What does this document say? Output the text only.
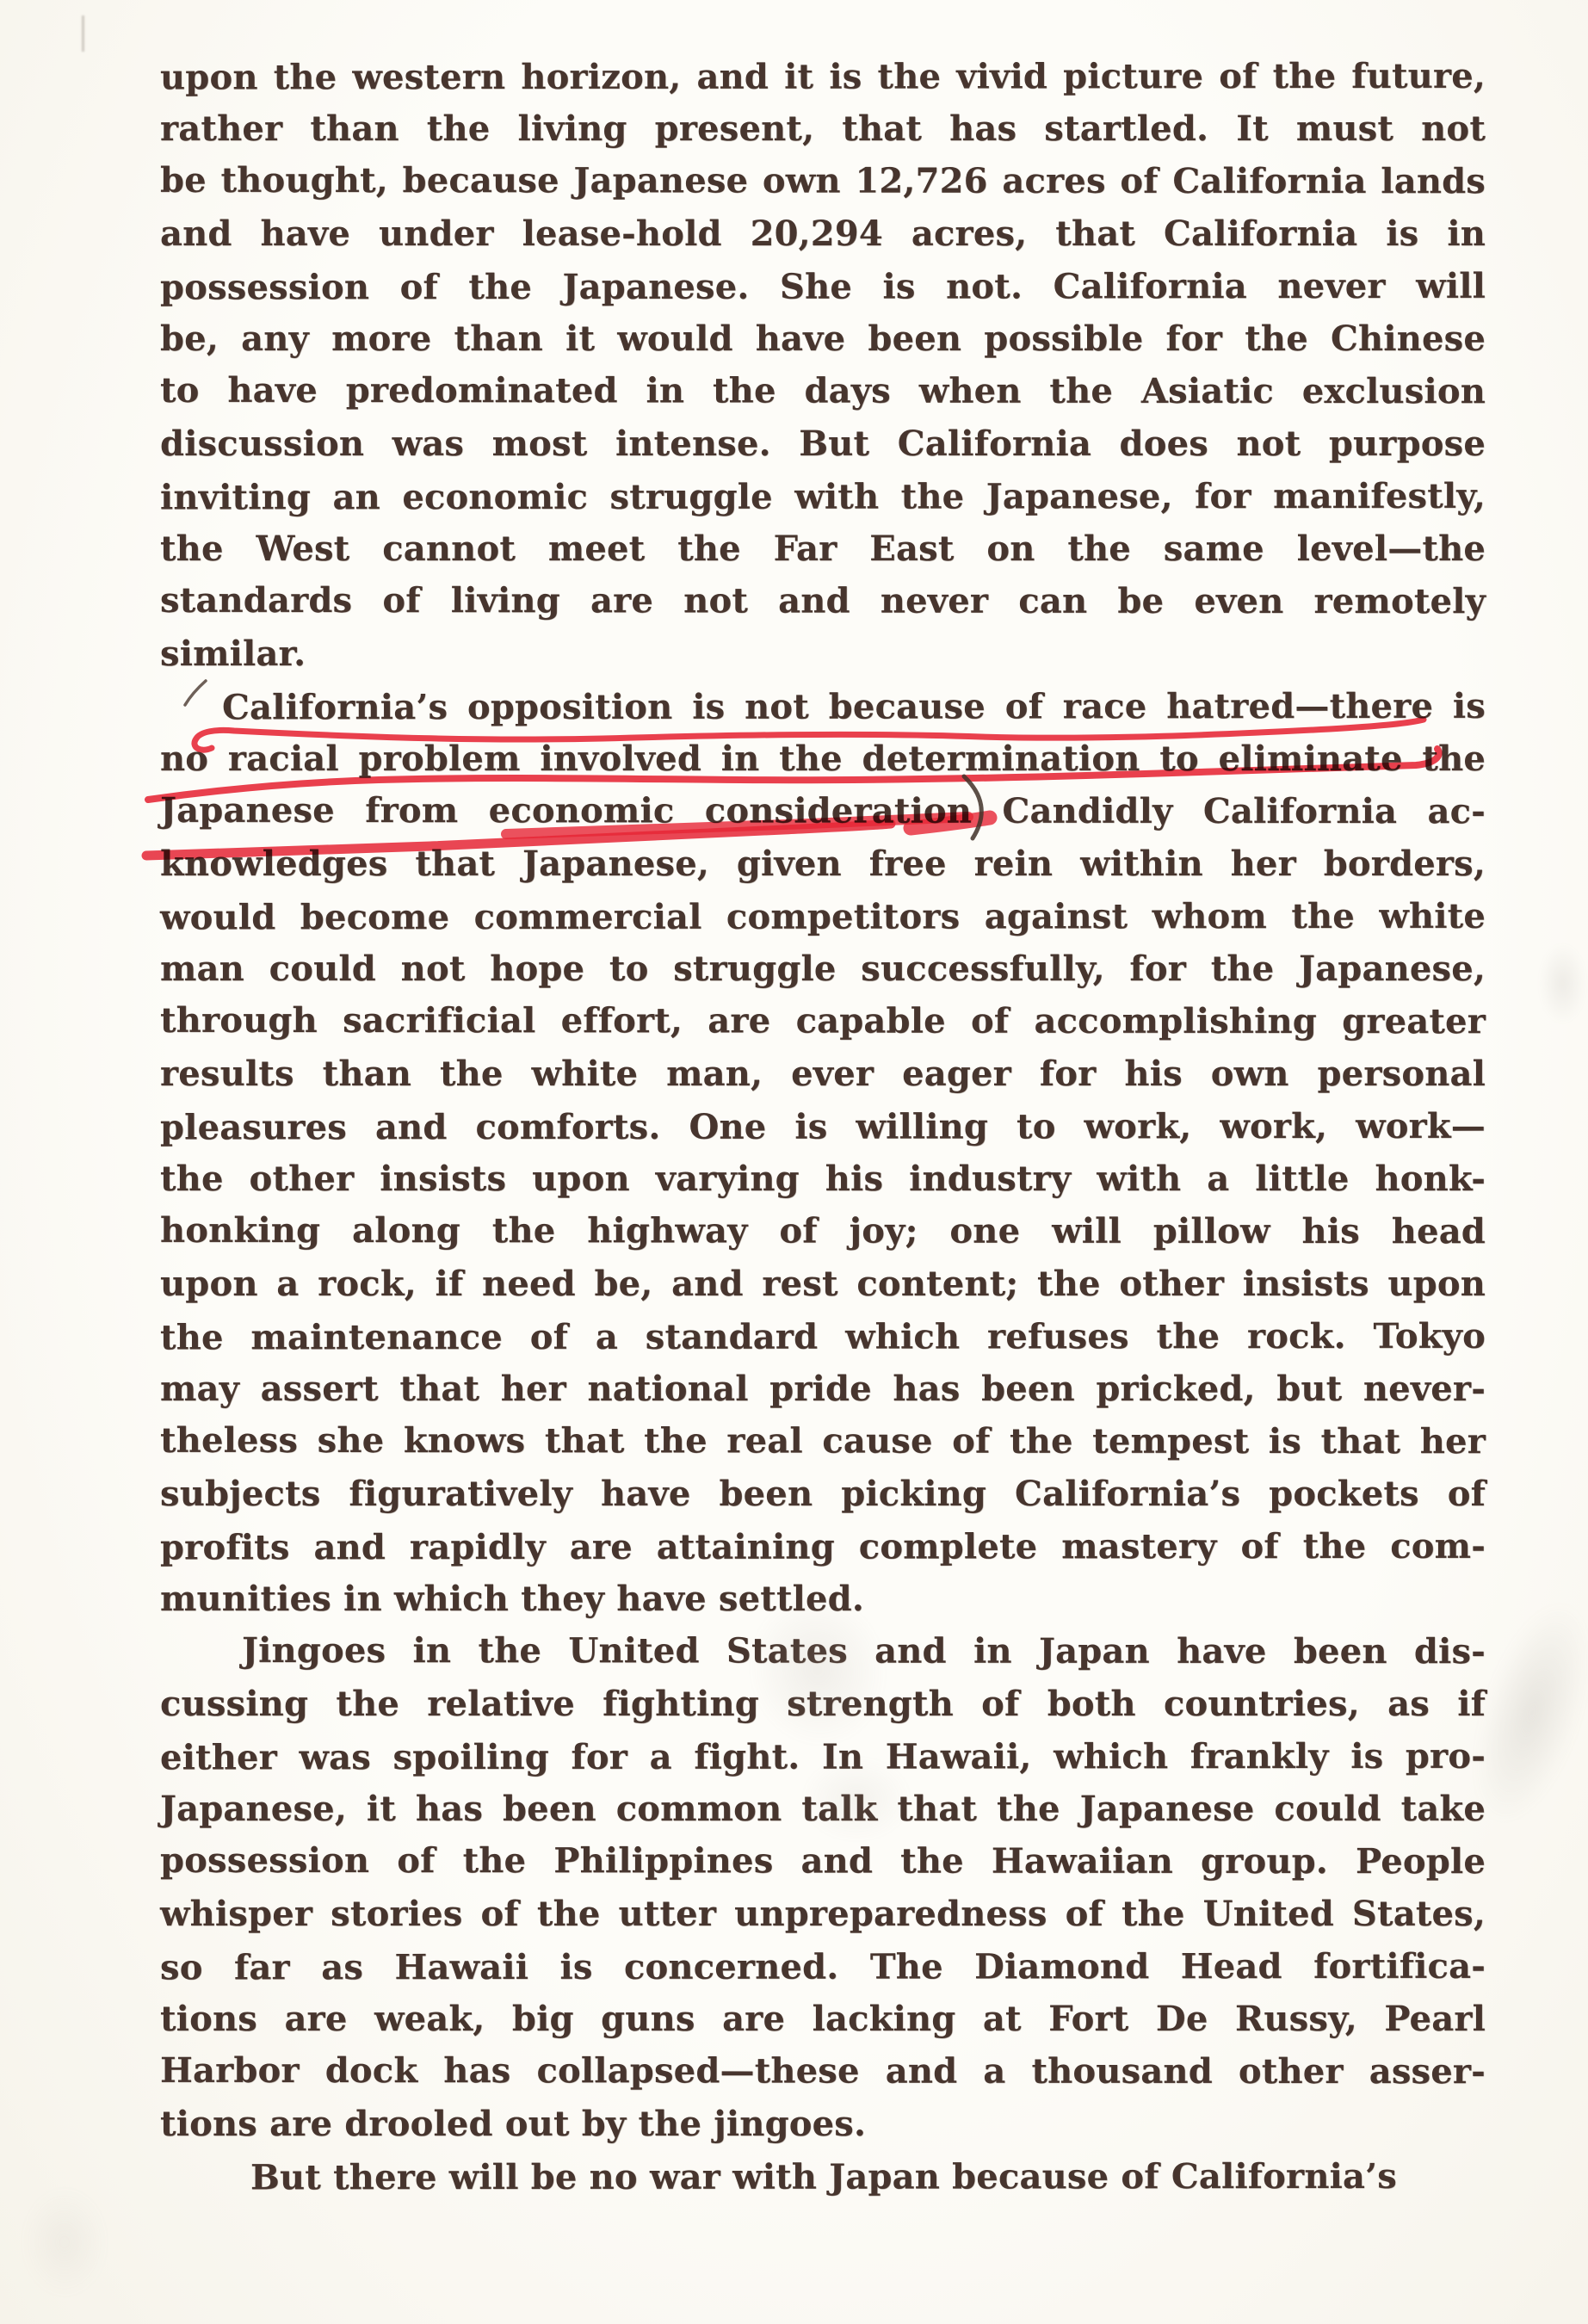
upon the western horizon, and it is the vivid picture of the future,
rather than the living present, that has startled. It must not
be thought, because Japanese own 12,726 acres of California lands
and have under lease-hold 20,294 acres, that California is in
possession of the Japanese. She is not. California never will
be, any more than it would have been possible for the Chinese
to have predominated in the days when the Asiatic exclusion
discussion was most intense. But California does not purpose
inviting an economic struggle with the Japanese, for manifestly,
the West cannot meet the Far East on the same level—the
standards of living are not and never can be even remotely
similar.
California’s opposition is not because of race hatred—there is
no racial problem involved in the determination to eliminate the
Japanese from economic consideration Candidly California ac-
knowledges that Japanese, given free rein within her borders,
would become commercial competitors against whom the white
man could not hope to struggle successfully, for the Japanese,
through sacrificial effort, are capable of accomplishing greater
results than the white man, ever eager for his own personal
pleasures and comforts. One is willing to work, work, work—
the other insists upon varying his industry with a little honk-
honking along the highway of joy; one will pillow his head
upon a rock, if need be, and rest content; the other insists upon
the maintenance of a standard which refuses the rock. Tokyo
may assert that her national pride has been pricked, but never-
theless she knows that the real cause of the tempest is that her
subjects figuratively have been picking California’s pockets of
profits and rapidly are attaining complete mastery of the com-
munities in which they have settled.
Jingoes in the United States and in Japan have been dis-
cussing the relative fighting strength of both countries, as if
either was spoiling for a fight. In Hawaii, which frankly is pro-
Japanese, it has been common talk that the Japanese could take
possession of the Philippines and the Hawaiian group. People
whisper stories of the utter unpreparedness of the United States,
so far as Hawaii is concerned. The Diamond Head fortifica-
tions are weak, big guns are lacking at Fort De Russy, Pearl
Harbor dock has collapsed—these and a thousand other asser-
tions are drooled out by the jingoes.
But there will be no war with Japan because of California’s
